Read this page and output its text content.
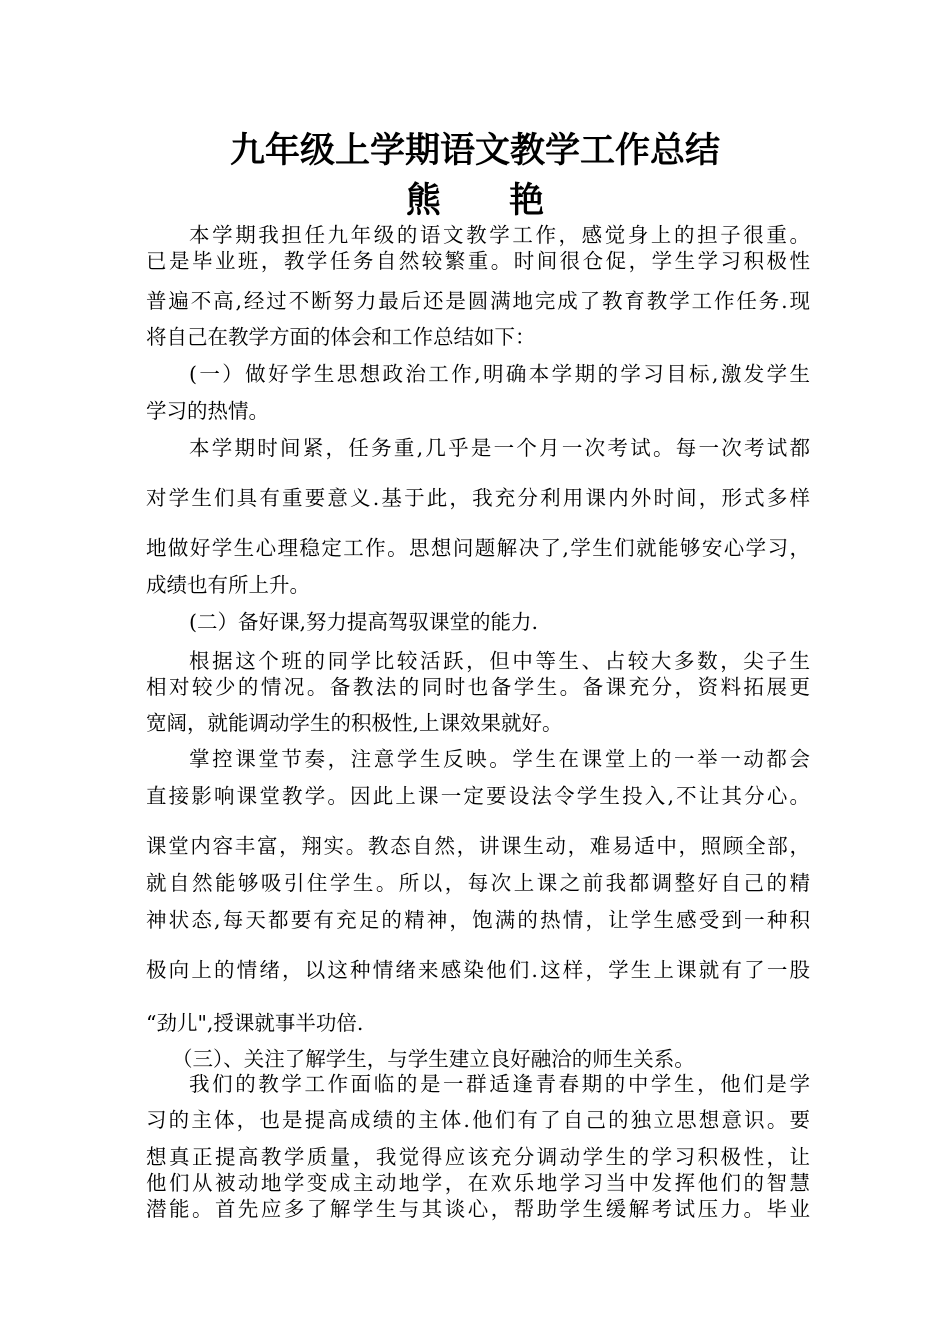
九年级上学期语文教学工作总结
熊 艳
本学期我担任九年级的语文教学工作，感觉身上的担子很重。
已是毕业班，教学任务自然较繁重。时间很仓促，学生学习积极性
普遍不高,经过不断努力最后还是圆满地完成了教育教学工作任务.现
将自己在教学方面的体会和工作总结如下：
(一）做好学生思想政治工作,明确本学期的学习目标,激发学生
学习的热情。
本学期时间紧，任务重,几乎是一个月一次考试。每一次考试都
对学生们具有重要意义.基于此，我充分利用课内外时间，形式多样
地做好学生心理稳定工作。思想问题解决了,学生们就能够安心学习，
成绩也有所上升。
(二）备好课,努力提高驾驭课堂的能力.
根据这个班的同学比较活跃，但中等生、占较大多数，尖子生
相对较少的情况。备教法的同时也备学生。备课充分，资料拓展更
宽阔，就能调动学生的积极性,上课效果就好。
掌控课堂节奏，注意学生反映。学生在课堂上的一举一动都会
直接影响课堂教学。因此上课一定要设法令学生投入,不让其分心。
课堂内容丰富，翔实。教态自然，讲课生动，难易适中，照顾全部，
就自然能够吸引住学生。所以，每次上课之前我都调整好自己的精
神状态,每天都要有充足的精神，饱满的热情，让学生感受到一种积
极向上的情绪，以这种情绪来感染他们.这样，学生上课就有了一股
“劲儿",授课就事半功倍.
（三）、关注了解学生，与学生建立良好融洽的师生关系。
我们的教学工作面临的是一群适逢青春期的中学生，他们是学
习的主体，也是提高成绩的主体.他们有了自己的独立思想意识。要
想真正提高教学质量，我觉得应该充分调动学生的学习积极性，让
他们从被动地学变成主动地学，在欢乐地学习当中发挥他们的智慧
潜能。首先应多了解学生与其谈心，帮助学生缓解考试压力。毕业
